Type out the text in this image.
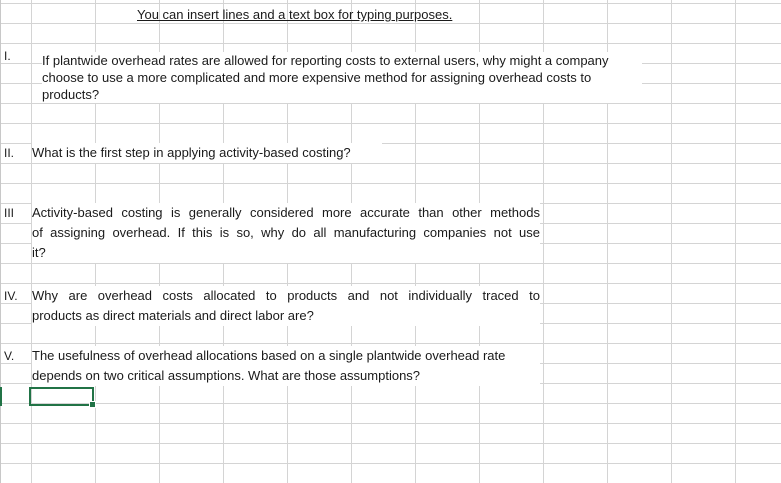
You can insert lines and a text box for typing purposes.
I. If plantwide overhead rates are allowed for reporting costs to external users, why might a company
choose to use a more complicated and more expensive method for assigning overhead costs to
products?
II. What is the first step in applying activity-based costing?
III Activity-based costing is generally considered more accurate than other methods
of assigning overhead. If this is so, why do all manufacturing companies not use
it?
IV. Why are overhead costs allocated to products and not individually traced to
products as direct materials and direct labor are?
V. The usefulness of overhead allocations based on a single plantwide overhead rate
depends on two critical assumptions. What are those assumptions?
